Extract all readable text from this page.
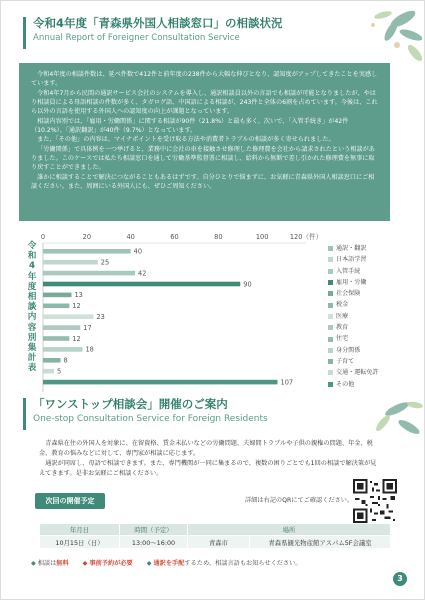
令和4年度「青森県外国人相談窓口」の相談状況
Annual Report of Foreigner Consultation Service

令和4年度の相談件数は、延べ件数で412件と前年度の238件から大幅な伸びとなり、認知度がアップしてきたことを実感しています。

令和4年7月から民間の通訳サービス会社のシステムを導入し、通訳相談員以外の言語でも相談が可能となりましたが、やはり相談員による母語相談の件数が多く、タガログ語、中国語による相談が、243件と全体の6割を占めています。今後は、これら以外の言語を使用する外国人への認知度の向上が課題となっています。

相談内容別では、「雇用・労働関係」に関する相談が90件（21.8%）と最も多く、次いで、「入管手続き」が42件（10.2%）、「通訳翻訳」が40件（9.7%）となっています。

また、「その他」の内容は、マイナポイントを受け取る方法や消費者トラブルの相談が多く寄せられました。

「労働関係」で具体例を一つ挙げると、業務中に会社の車を接触させ修理した修理費を会社から請求されたという相談がありました。このケースでは私たち相談窓口を通して労働基準監督署に相談し、給料から無断で差し引かれた修理費を無事に取り戻すことができました。

誰かに相談することで解決につながることもあるはずです。自分ひとりで悩まずに、お気軽に青森県外国人相談窓口にご相談ください。また、周囲にいる外国人にも、ぜひご周知ください。

令
和
4
年
度
相
談
内
容
別
集
計
表
0	20	40	60	80	100	120（件）
40
25
42
90
13
12
23
17
12
18
8
5
107
通訳・翻訳
日本語学習
入管手続
雇用・労働
社会保険
税金
医療
教育
住宅
身分関係
子育て
交通・運転免許
その他
「ワンストップ相談会」開催のご案内
One-stop Consultation Service for Foreign Residents

青森県在住の外国人を対象に、在留資格、賃金未払いなどの労働問題、夫婦間トラブルや子供の親権の問題、年金、税金、教育の悩みなどに対して、専門家が相談に応じます。

通訳が同席し、母語で相談できます。また、専門機関が一同に集まるので、複数の困りごとでも1回の相談で解決策が見えてきます。是非お気軽にご相談ください。

次回の開催予定	詳細は右記のQRにてご確認ください。
年月日	時間（予定）	場所	
10月15日（日）	13:00～16:00	青森市	青森県観光物産館アスパム5F会議室
◆ 相談は無料 ◆ 事前予約が必要 ◆ 通訳を手配するため、相談言語もお知らせください。
3
